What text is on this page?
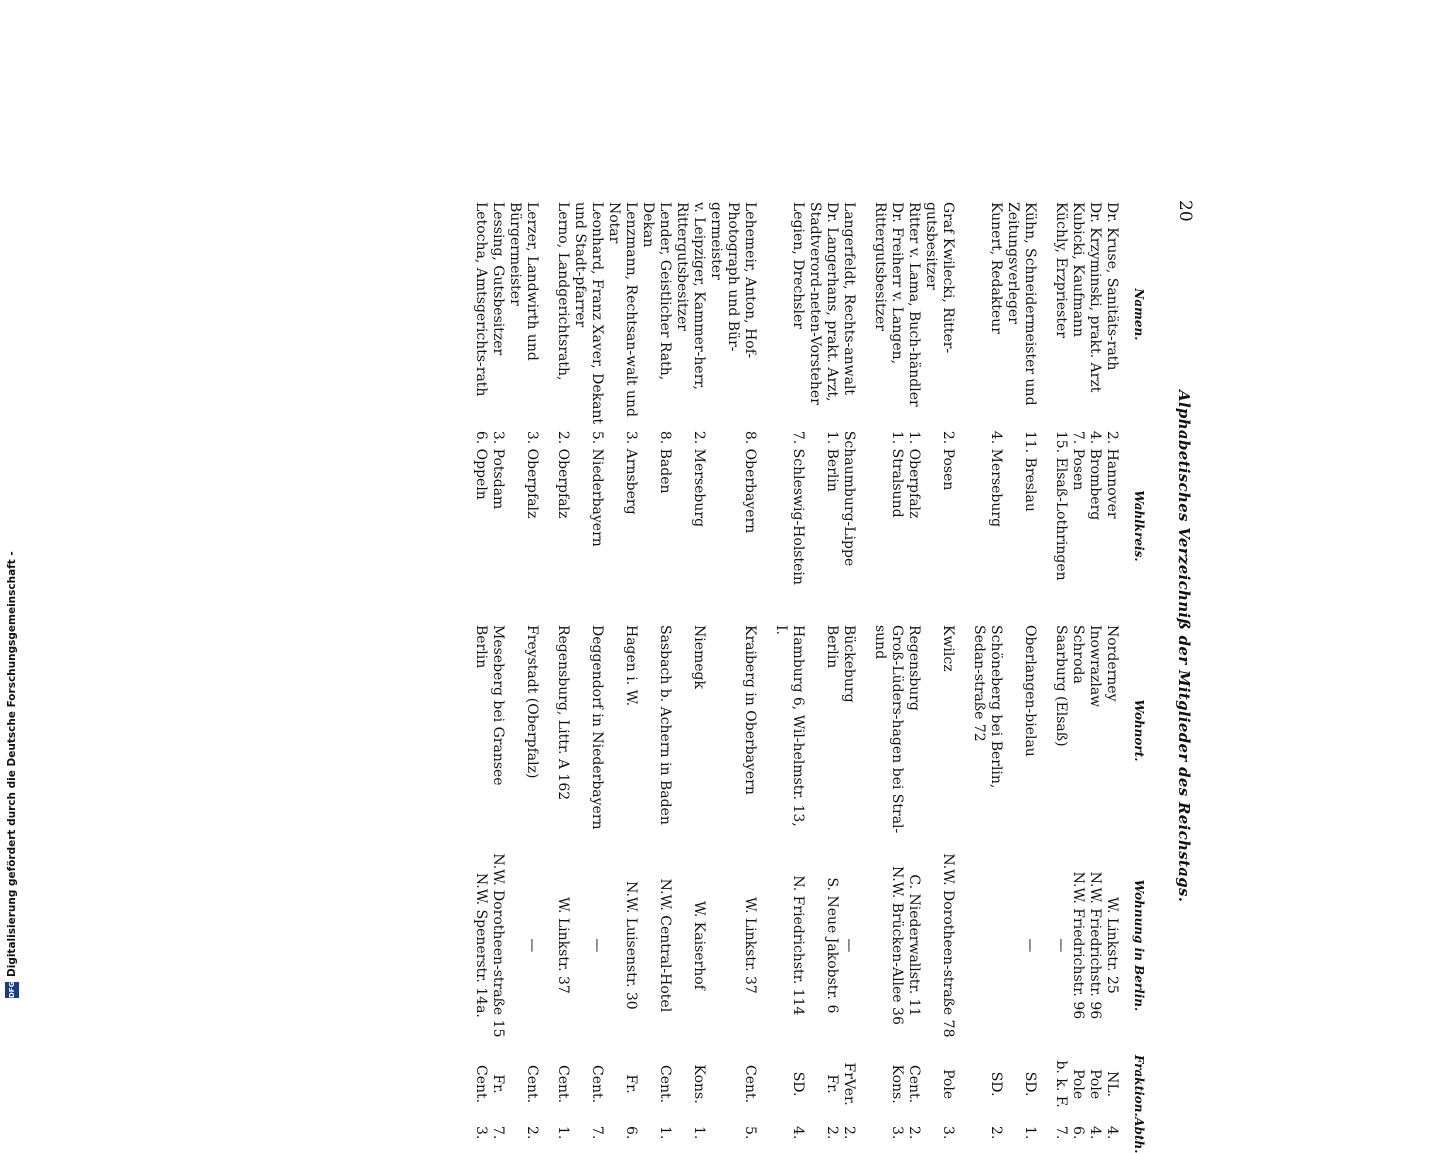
20
Alphabetisches Verzeichniß der Mitglieder des Reichstags.
Namen.	Wahlkreis.	Wohnort.	Wohnung in Berlin.	Fraktion.	Abth.
Dr. Kruse, Sanitäts-rath	2. Hannover	Norderney	W. Linkstr. 25	NL.	4.
Dr. Krzyminski, prakt. Arzt	4. Bromberg	Inowrazlaw	N.W. Friedrichstr. 96	Pole	4.
Kubicki, Kaufmann	7. Posen	Schroda	N.W. Friedrichstr. 96	Pole	6.
Küchly, Erzpriester	15. Elsaß-Lothringen	Saarburg (Elsaß)	—	b. k. F.	7.
Kühn, Schneidermeister und Zeitungsverleger	11. Breslau	Oberlangen-bielau	—	SD.	1.
Kunert, Redakteur	4. Merseburg	Schöneberg bei Berlin, Sedan-straße 72		SD.	2.
Graf Kwilecki, Ritter-gutsbesitzer	2. Posen	Kwilcz	N.W. Dorotheen-straße 78	Pole	3.
Ritter v. Lama, Buch-händler	1. Oberpfalz	Regensburg	C. Niederwallstr. 11	Cent.	2.
Dr. Freiherr v. Langen, Rittergutsbesitzer	1. Stralsund	Groß-Lüders-hagen bei Stral-sund	N.W. Brücken-Allee 36	Kons.	3.
Langerfeldt, Rechts-anwalt	Schaumburg-Lippe	Bückeburg	—	FrVer.	2.
Dr. Langerhans, prakt. Arzt, Stadtverord-neten-Vorsteher	1. Berlin	Berlin	S. Neue Jakobstr. 6	Fr.	2.
Legien, Drechsler	7. Schleswig-Holstein	Hamburg 6, Wil-helmstr. 13, I.	N. Friedrichstr. 114	SD.	4.
Lehemeir, Anton, Hof-Photograph und Bür-germeister	8. Oberbayern	Kraiberg in Oberbayern	W. Linkstr. 37	Cent.	5.
v. Leipziger, Kammer-herr, Rittergutsbesitzer	2. Merseburg	Niemegk	W. Kaiserhof	Kons.	1.
Lender, Geistlicher Rath, Dekan	8. Baden	Sasbach b. Achern in Baden	N.W. Central-Hotel	Cent.	1.
Lenzmann, Rechtsan-walt und Notar	3. Arnsberg	Hagen i. W.	N.W. Luisenstr. 30	Fr.	6.
Leonhard, Franz Xaver, Dekant und Stadt-pfarrer	5. Niederbayern	Deggendorf in Niederbayern	—	Cent.	7.
Lerno, Landgerichtsrath,	2. Oberpfalz	Regensburg, Littr. A 162	W. Linkstr. 37	Cent.	1.
Lerzer, Landwirth und Bürgermeister	3. Oberpfalz	Freystadt (Oberpfalz)	—	Cent.	2.
Lessing, Gutsbesitzer	3. Potsdam	Meseberg bei Gransee	N.W. Dorotheen-straße 15	Fr.	7.
Letocha, Amtsgerichts-rath	6. Oppeln	Berlin	N.W. Spenerstr. 14a.	Cent.	3.
DFG
Digitalisierung gefördert durch die Deutsche Forschungsgemeinschaft -
